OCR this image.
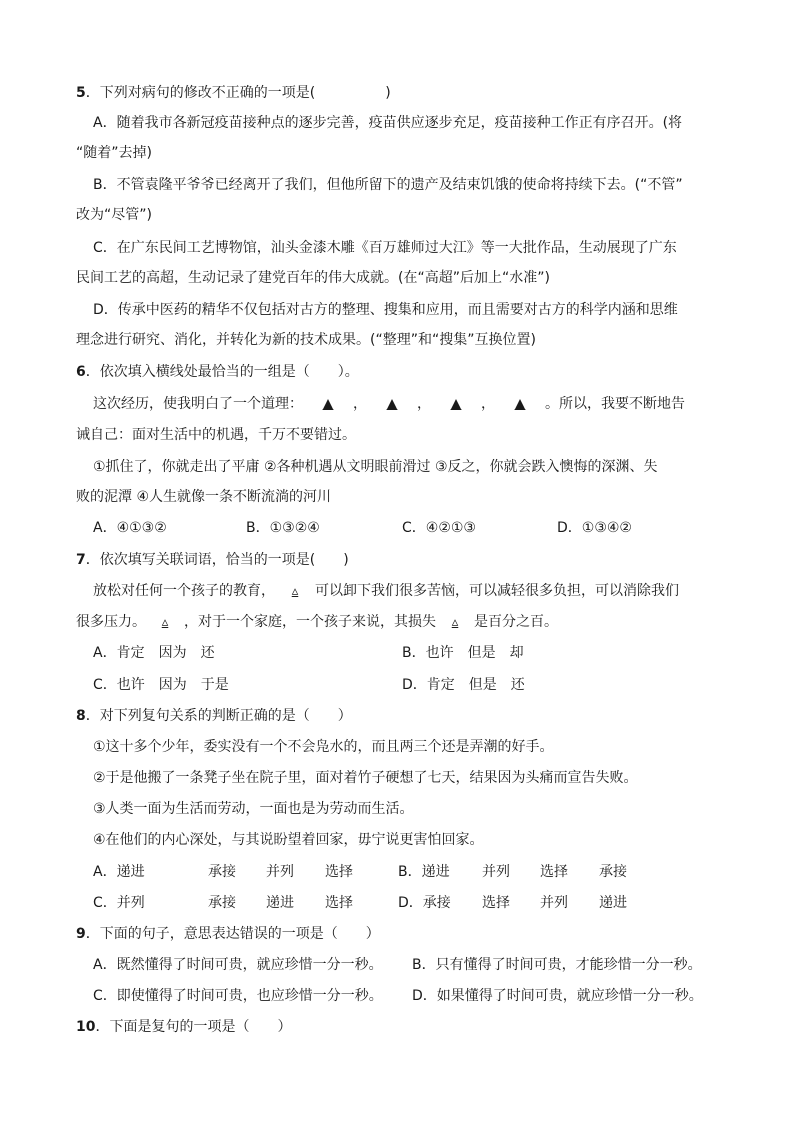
5．下列对病句的修改不正确的一项是(　　　　　)
A．随着我市各新冠疫苗接种点的逐步完善，疫苗供应逐步充足，疫苗接种工作正有序召开。(将
“随着”去掉)
B．不管袁隆平爷爷已经离开了我们，但他所留下的遗产及结束饥饿的使命将持续下去。(“不管”
改为“尽管”)
C．在广东民间工艺博物馆，汕头金漆木雕《百万雄师过大江》等一大批作品，生动展现了广东
民间工艺的高超，生动记录了建党百年的伟大成就。(在“高超”后加上“水准”)
D．传承中医药的精华不仅包括对古方的整理、搜集和应用，而且需要对古方的科学内涵和思维
理念进行研究、消化，并转化为新的技术成果。(“整理”和“搜集”互换位置)
6．依次填入横线处最恰当的一组是（　　）。
这次经历，使我明白了一个道理： ▲ ， ▲ ， ▲ ， ▲ 。所以，我要不断地告
诫自己：面对生活中的机遇，千万不要错过。
①抓住了，你就走出了平庸 ②各种机遇从文明眼前滑过 ③反之，你就会跌入懊悔的深渊、失
败的泥潭 ④人生就像一条不断流淌的河川
A．④①③②	B．①③②④	C．④②①③	D．①③④②
7．依次填写关联词语，恰当的一项是(　　)
放松对任何一个孩子的教育， ▵ 可以卸下我们很多苦恼，可以减轻很多负担，可以消除我们
很多压力。 ▵ ，对于一个家庭，一个孩子来说，其损失 ▵ 是百分之百。
A．肯定　因为　还	B．也许　但是　却
C．也许　因为　于是	D．肯定　但是　还
8．对下列复句关系的判断正确的是（　　）
①这十多个少年，委实没有一个不会凫水的，而且两三个还是弄潮的好手。
②于是他搬了一条凳子坐在院子里，面对着竹子硬想了七天，结果因为头痛而宣告失败。
③人类一面为生活而劳动，一面也是为劳动而生活。
④在他们的内心深处，与其说盼望着回家，毋宁说更害怕回家。
A．递进	承接 并列 选择	B．递进 并列 选择 承接
C．并列	承接 递进 选择	D．承接 选择 并列 递进
9．下面的句子，意思表达错误的一项是（　　）
A．既然懂得了时间可贵，就应珍惜一分一秒。 B．只有懂得了时间可贵，才能珍惜一分一秒。
C．即使懂得了时间可贵，也应珍惜一分一秒。 D．如果懂得了时间可贵，就应珍惜一分一秒。
10．下面是复句的一项是（　　）
